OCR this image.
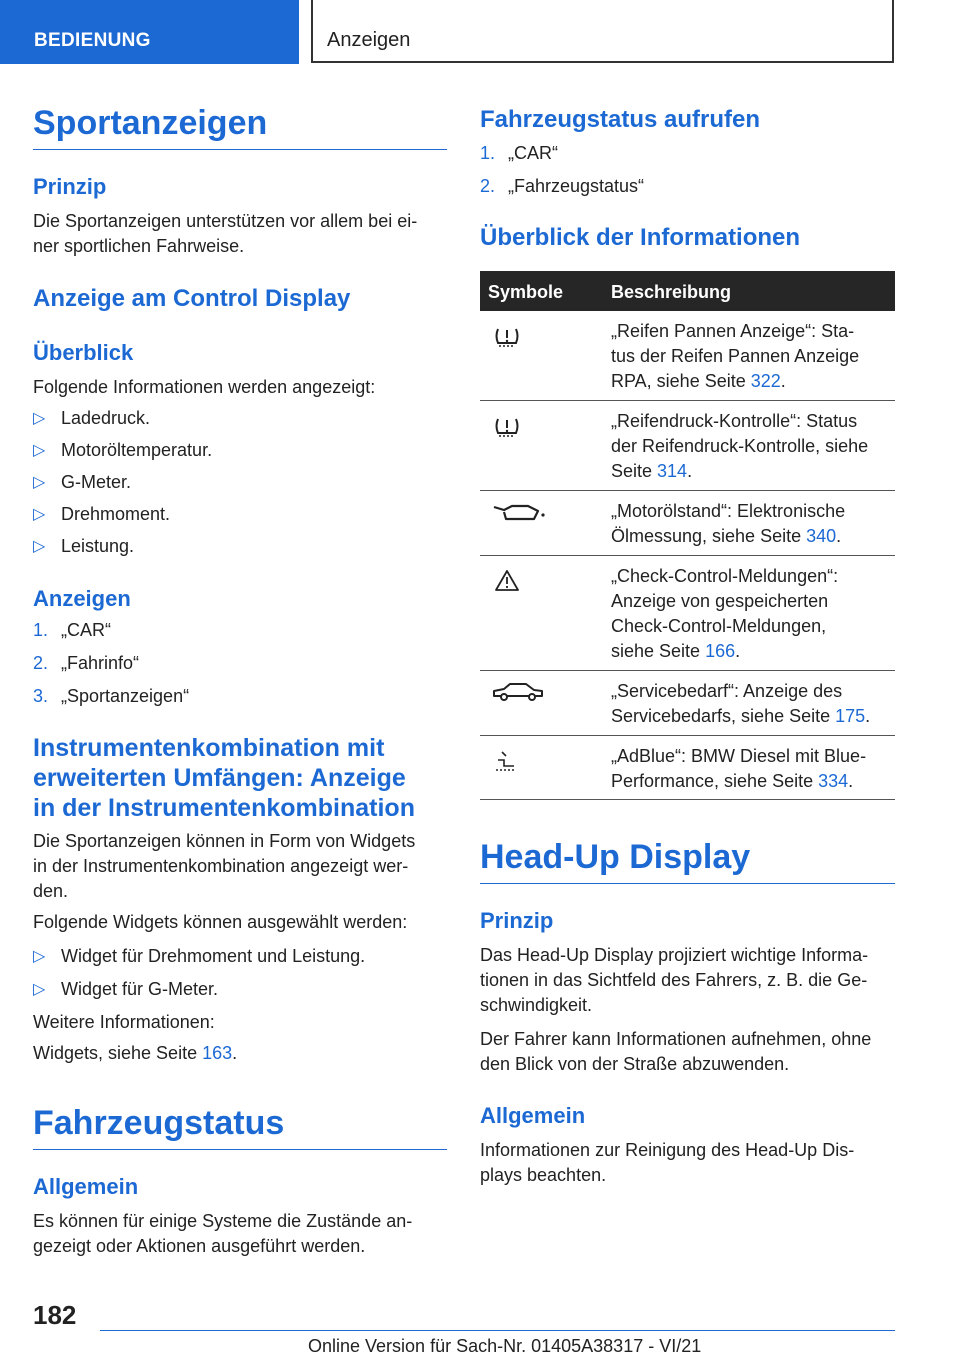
BEDIENUNG	Anzeigen
Sportanzeigen
Prinzip

Die Sportanzeigen unterstützen vor allem bei ei-

ner sportlichen Fahrweise.

Anzeige am Control Display
Überblick

Folgende Informationen werden angezeigt:

▷ Ladedruck.
▷ Motoröltemperatur.
▷ G-Meter.
▷ Drehmoment.
▷ Leistung.
Anzeigen
1. „CAR“
2. „Fahrinfo“
3. „Sportanzeigen“
Instrumentenkombination mit
erweiterten Umfängen: Anzeige
in der Instrumentenkombination

Die Sportanzeigen können in Form von Widgets

in der Instrumentenkombination angezeigt wer-

den.

Folgende Widgets können ausgewählt werden:

▷ Widget für Drehmoment und Leistung.
▷ Widget für G-Meter.

Weitere Informationen:

Widgets, siehe Seite 163.

Fahrzeugstatus
Allgemein

Es können für einige Systeme die Zustände an-

gezeigt oder Aktionen ausgeführt werden.

Fahrzeugstatus aufrufen
1. „CAR“
2. „Fahrzeugstatus“
Überblick der Informationen
Symbole	Beschreibung
„Reifen Pannen Anzeige“: Sta-
tus der Reifen Pannen Anzeige
RPA, siehe Seite 322.
„Reifendruck-Kontrolle“: Status
der Reifendruck-Kontrolle, siehe
Seite 314.
„Motorölstand“: Elektronische
Ölmessung, siehe Seite 340.
„Check-Control-Meldungen“:
Anzeige von gespeicherten
Check-Control-Meldungen,
siehe Seite 166.
„Servicebedarf“: Anzeige des
Servicebedarfs, siehe Seite 175.
„AdBlue“: BMW Diesel mit Blue-
Performance, siehe Seite 334.
Head-Up Display
Prinzip

Das Head-Up Display projiziert wichtige Informa-

tionen in das Sichtfeld des Fahrers, z. B. die Ge-

schwindigkeit.

Der Fahrer kann Informationen aufnehmen, ohne

den Blick von der Straße abzuwenden.

Allgemein

Informationen zur Reinigung des Head-Up Dis-

plays beachten.

182
Online Version für Sach-Nr. 01405A38317 - VI/21
